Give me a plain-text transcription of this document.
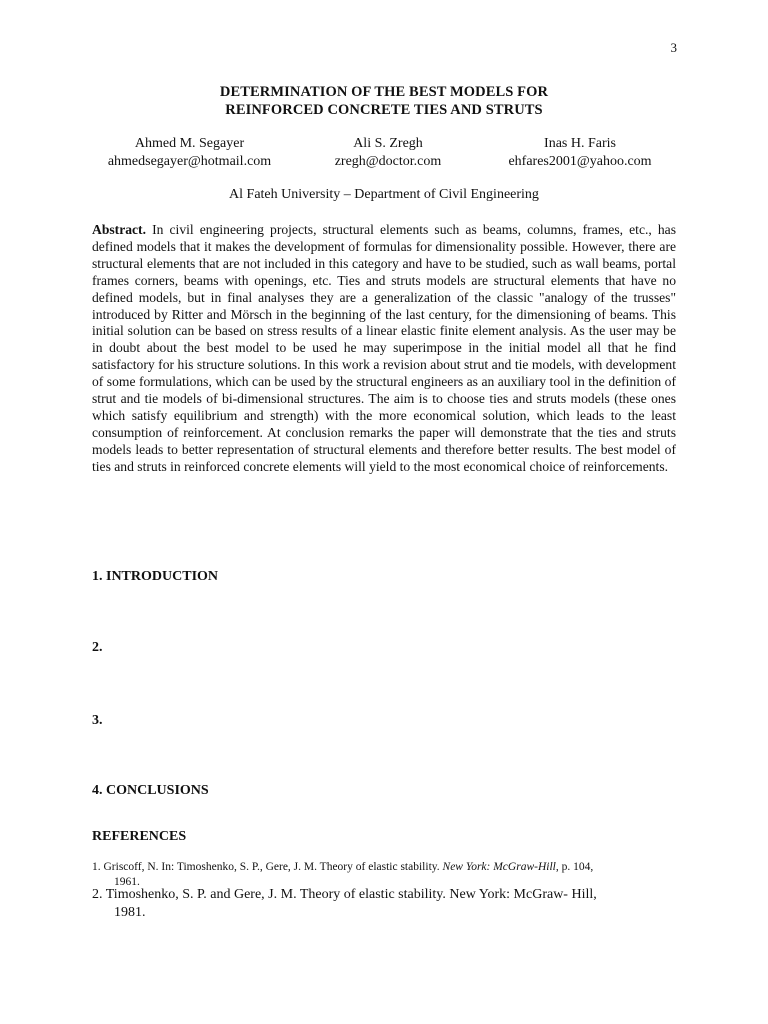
3
DETERMINATION OF THE BEST MODELS FOR
REINFORCED CONCRETE TIES AND STRUTS
Ahmed M. Segayer
ahmedsegayer@hotmail.com
Ali S. Zregh
zregh@doctor.com
Inas H. Faris
ehfares2001@yahoo.com
Al Fateh University – Department of Civil Engineering

Abstract. In civil engineering projects, structural elements such as beams, columns, frames, etc., has defined models that it makes the development of formulas for dimensionality possible. However, there are structural elements that are not included in this category and have to be studied, such as wall beams, portal frames corners, beams with openings, etc. Ties and struts models are structural elements that have no defined models, but in final analyses they are a generalization of the classic "analogy of the trusses" introduced by Ritter and Mörsch in the beginning of the last century, for the dimensioning of beams. This initial solution can be based on stress results of a linear elastic finite element analysis. As the user may be in doubt about the best model to be used he may superimpose in the initial model all that he find satisfactory for his structure solutions. In this work a revision about strut and tie models, with development of some formulations, which can be used by the structural engineers as an auxiliary tool in the definition of strut and tie models of bi-dimensional structures. The aim is to choose ties and struts models (these ones which satisfy equilibrium and strength) with the more economical solution, which leads to the least consumption of reinforcement. At conclusion remarks the paper will demonstrate that the ties and struts models leads to better representation of structural elements and therefore better results. The best model of ties and struts in reinforced concrete elements will yield to the most economical choice of reinforcements.

1. INTRODUCTION
2.
3.
4. CONCLUSIONS
REFERENCES

1. Griscoff, N. In: Timoshenko, S. P., Gere, J. M. Theory of elastic stability. New York: McGraw-Hill, p. 104,
1961.

2. Timoshenko, S. P. and Gere, J. M. Theory of elastic stability. New York: McGraw- Hill,
1981.
